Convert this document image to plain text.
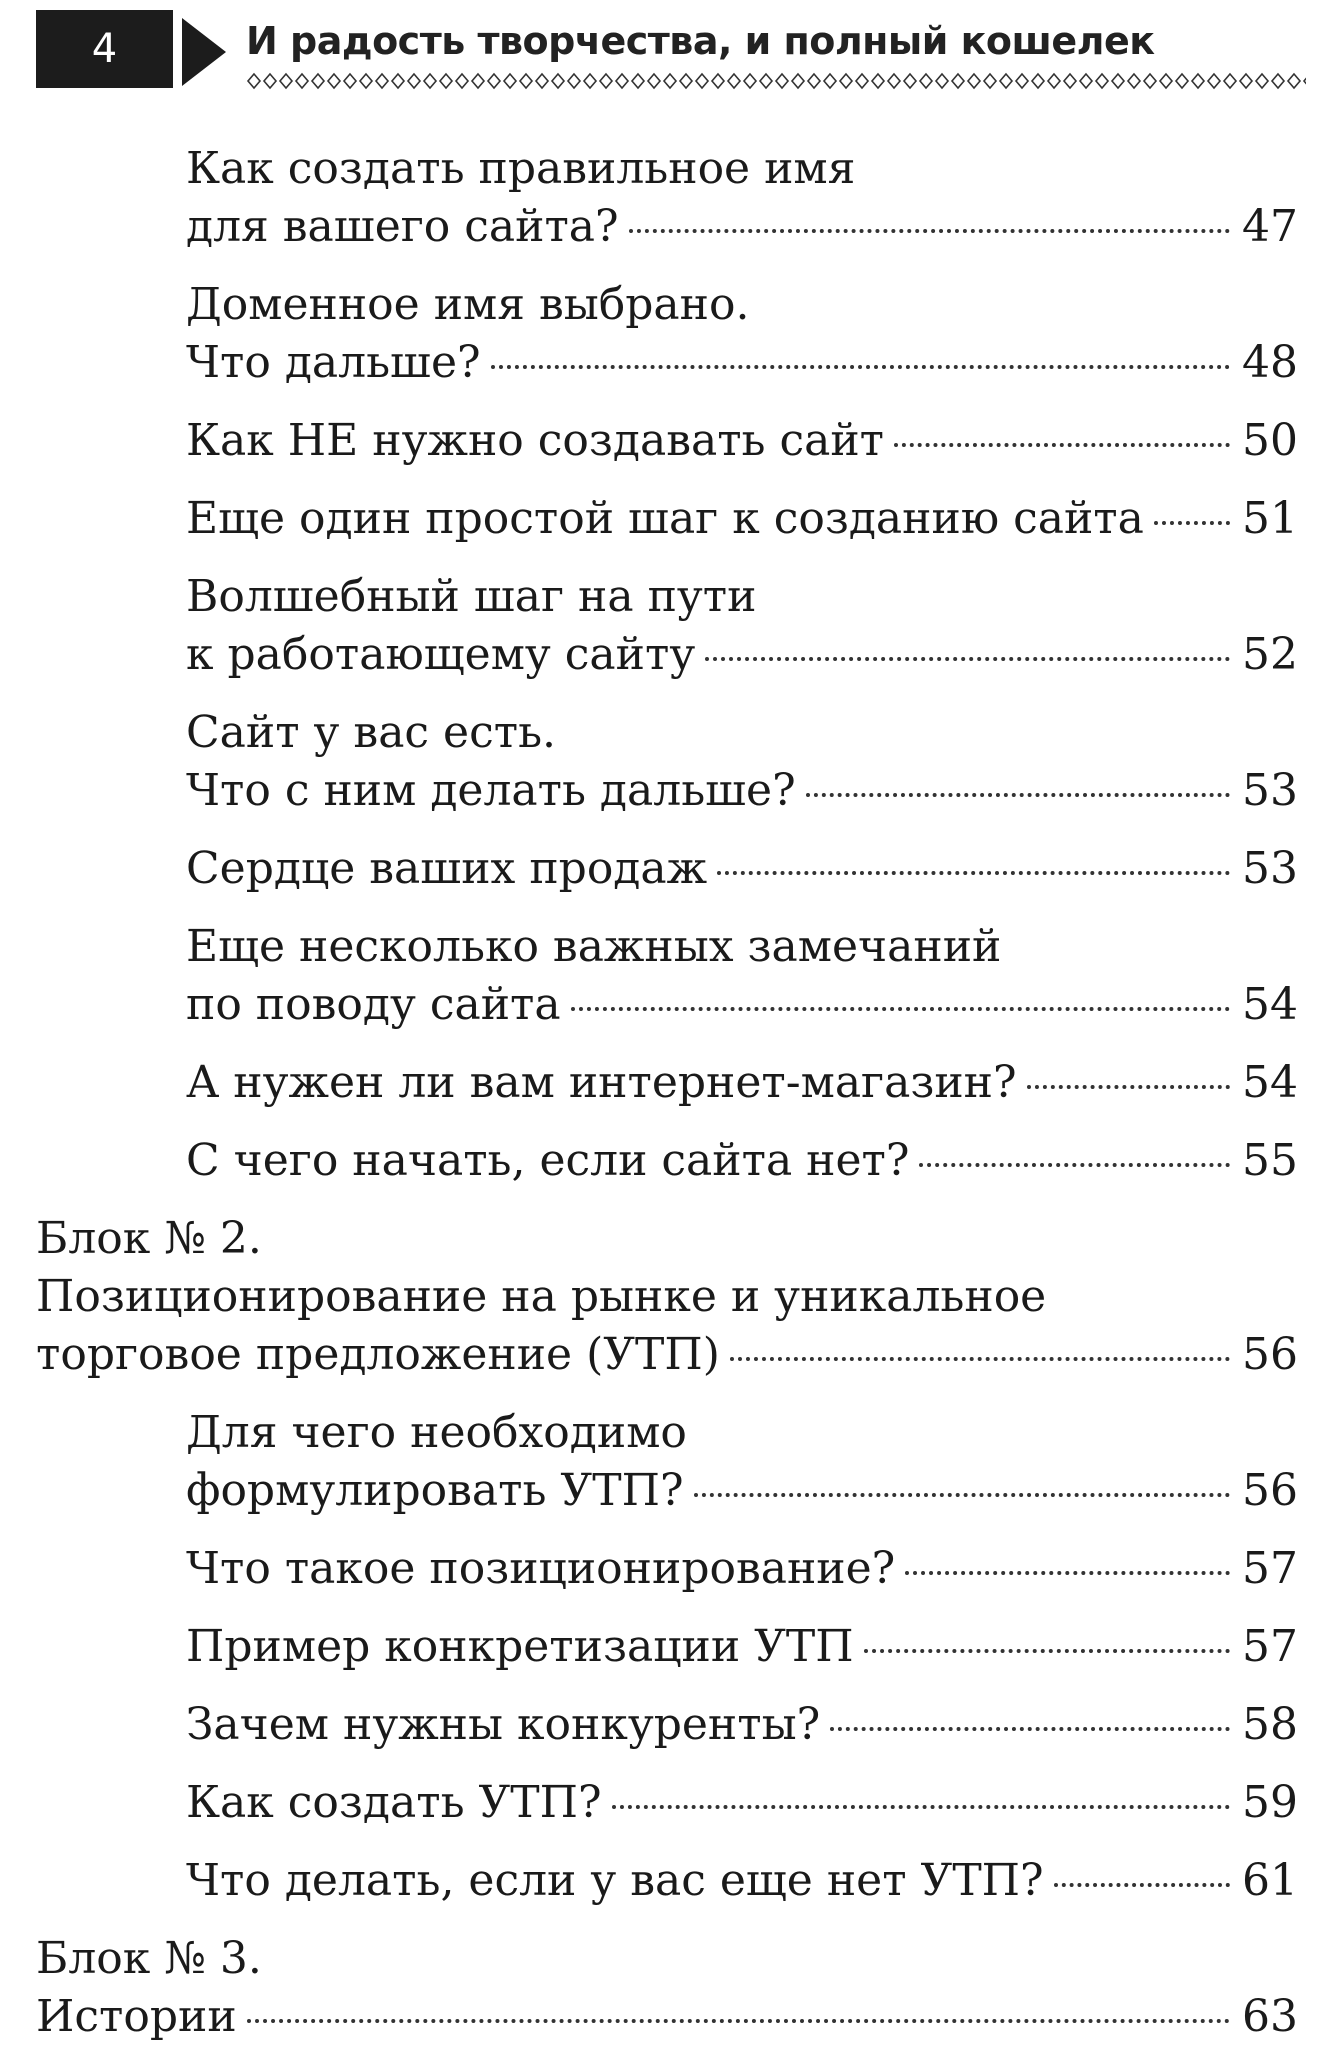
4	И радость творчества, и полный кошелек
Как создать правильное имя
для вашего сайта?	47
Доменное имя выбрано.
Что дальше?	48
Как НЕ нужно создавать сайт	50
Еще один простой шаг к созданию сайта 51
Волшебный шаг на пути
к работающему сайту	52
Сайт у вас есть.
Что с ним делать дальше?	53
Сердце ваших продаж	53
Еще несколько важных замечаний
по поводу сайта	54
А нужен ли вам интернет-магазин?	54
С чего начать, если сайта нет?	55
Блок № 2.
Позиционирование на рынке и уникальное
торговое предложение (УТП)	56
Для чего необходимо
формулировать УТП?	56
Что такое позиционирование?	57
Пример конкретизации УТП	57
Зачем нужны конкуренты?	58
Как создать УТП?	59
Что делать, если у вас еще нет УТП?	61
Блок № 3.
Истории	63
